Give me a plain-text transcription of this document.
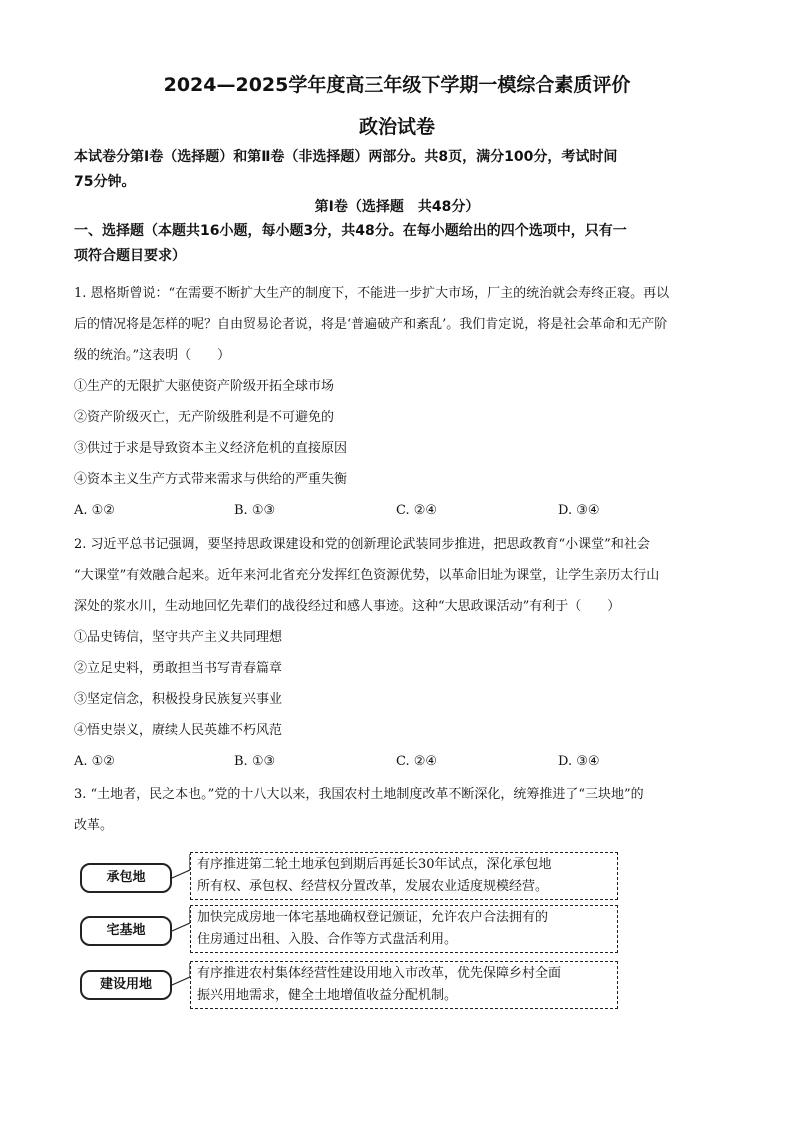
2024—2025学年度高三年级下学期一模综合素质评价
政治试卷
本试卷分第Ⅰ卷（选择题）和第Ⅱ卷（非选择题）两部分。共8页，满分100分，考试时间
75分钟。
第Ⅰ卷（选择题　共48分）
一、选择题（本题共16小题，每小题3分，共48分。在每小题给出的四个选项中，只有一
项符合题目要求）

1. 恩格斯曾说：“在需要不断扩大生产的制度下，不能进一步扩大市场，厂主的统治就会寿终正寝。再以

后的情况将是怎样的呢？自由贸易论者说，将是‘普遍破产和紊乱’。我们肯定说，将是社会革命和无产阶

级的统治。”这表明（　　）

①生产的无限扩大驱使资产阶级开拓全球市场

②资产阶级灭亡，无产阶级胜利是不可避免的

③供过于求是导致资本主义经济危机的直接原因

④资本主义生产方式带来需求与供给的严重失衡

A. ①②	B. ①③	C. ②④	D. ③④

2. 习近平总书记强调，要坚持思政课建设和党的创新理论武装同步推进，把思政教育“小课堂”和社会

“大课堂”有效融合起来。近年来河北省充分发挥红色资源优势，以革命旧址为课堂，让学生亲历太行山

深处的浆水川，生动地回忆先辈们的战役经过和感人事迹。这种“大思政课活动”有利于（　　）

①品史铸信，坚守共产主义共同理想

②立足史料，勇敢担当书写青春篇章

③坚定信念，积极投身民族复兴事业

④悟史崇义，赓续人民英雄不朽风范

A. ①②	B. ①③	C. ②④	D. ③④

3. “土地者，民之本也。”党的十八大以来，我国农村土地制度改革不断深化，统筹推进了“三块地”的

改革。

承包地
有序推进第二轮土地承包到期后再延长30年试点，深化承包地
所有权、承包权、经营权分置改革，发展农业适度规模经营。
宅基地
加快完成房地一体宅基地确权登记颁证，允许农户合法拥有的
住房通过出租、入股、合作等方式盘活利用。
建设用地
有序推进农村集体经营性建设用地入市改革，优先保障乡村全面
振兴用地需求，健全土地增值收益分配机制。
